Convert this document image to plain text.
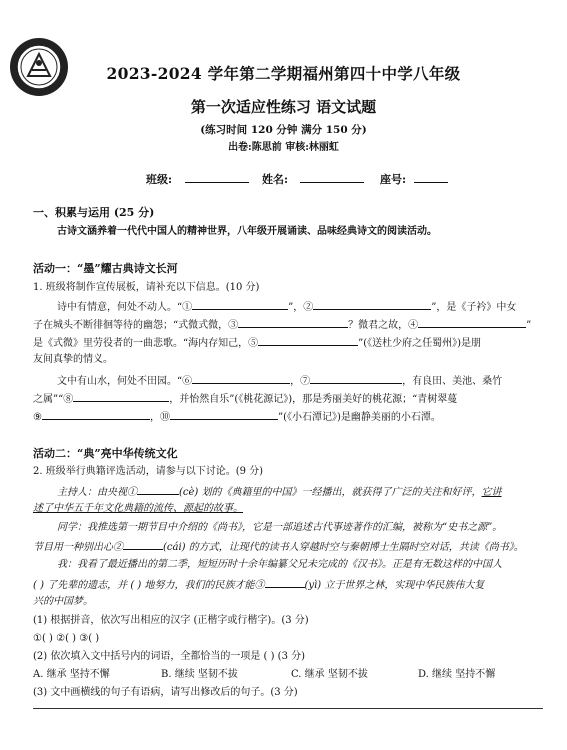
2023-2024 学年第二学期福州第四十中学八年级
第一次适应性练习 语文试题
(练习时间 120 分钟 满分 150 分)
出卷:陈思前 审核:林丽虹
班级:	姓名:	座号:
一、积累与运用 (25 分)
古诗文涵养着一代代中国人的精神世界，八年级开展诵读、品味经典诗文的阅读活动。
活动一：“墨”耀古典诗文长河
1. 班级将制作宣传展板，请补充以下信息。(10 分)
诗中有情意，何处不动人。“①	”，②	”，是《子衿》中女
子在城头不断徘徊等待的幽怨；“式微式微，③	？微君之故，④	”
是《式微》里劳役者的一曲悲歌。“海内存知己，⑤	”(《送杜少府之任蜀州》)是朋
友间真挚的情义。
文中有山水，何处不田园。“⑥	，⑦	，有良田、美池、桑竹
之属”“⑧	，并怡然自乐”(《桃花源记》)，那是秀丽美好的桃花源；“青树翠蔓
⑨	，⑩	”(《小石潭记》)是幽静美丽的小石潭。
活动二：“典”亮中华传统文化
2. 班级举行典籍评选活动，请参与以下讨论。(9 分)
主持人：由央视①	(cè) 划的《典籍里的中国》一经播出，就获得了广泛的关注和好评，它讲
述了中华五千年文化典籍的流传、源起的故事。
同学：我推选第一期节目中介绍的《尚书》，它是一部追述古代事迹著作的汇编，被称为“史书之源”。
节目用一种别出心②	(cái) 的方式，让现代的读书人穿越时空与秦朝博士生隔时空对话，共读《尚书》。
我：我看了最近播出的第二季，短短历时十余年编纂父兄未完成的《汉书》。正是有无数这样的中国人
( ) 了先辈的遗志，并 ( ) 地努力，我们的民族才能③	(yì) 立于世界之林，实现中华民族伟大复
兴的中国梦。
(1) 根据拼音，依次写出相应的汉字 (正楷字或行楷字)。(3 分)
①( ) ②( ) ③( )
(2) 依次填入文中括号内的词语，全都恰当的一项是 ( ) (3 分)
A. 继承 坚持不懈	B. 继续 坚韧不拔	C. 继承 坚韧不拔	D. 继续 坚持不懈
(3) 文中画横线的句子有语病，请写出修改后的句子。(3 分)
